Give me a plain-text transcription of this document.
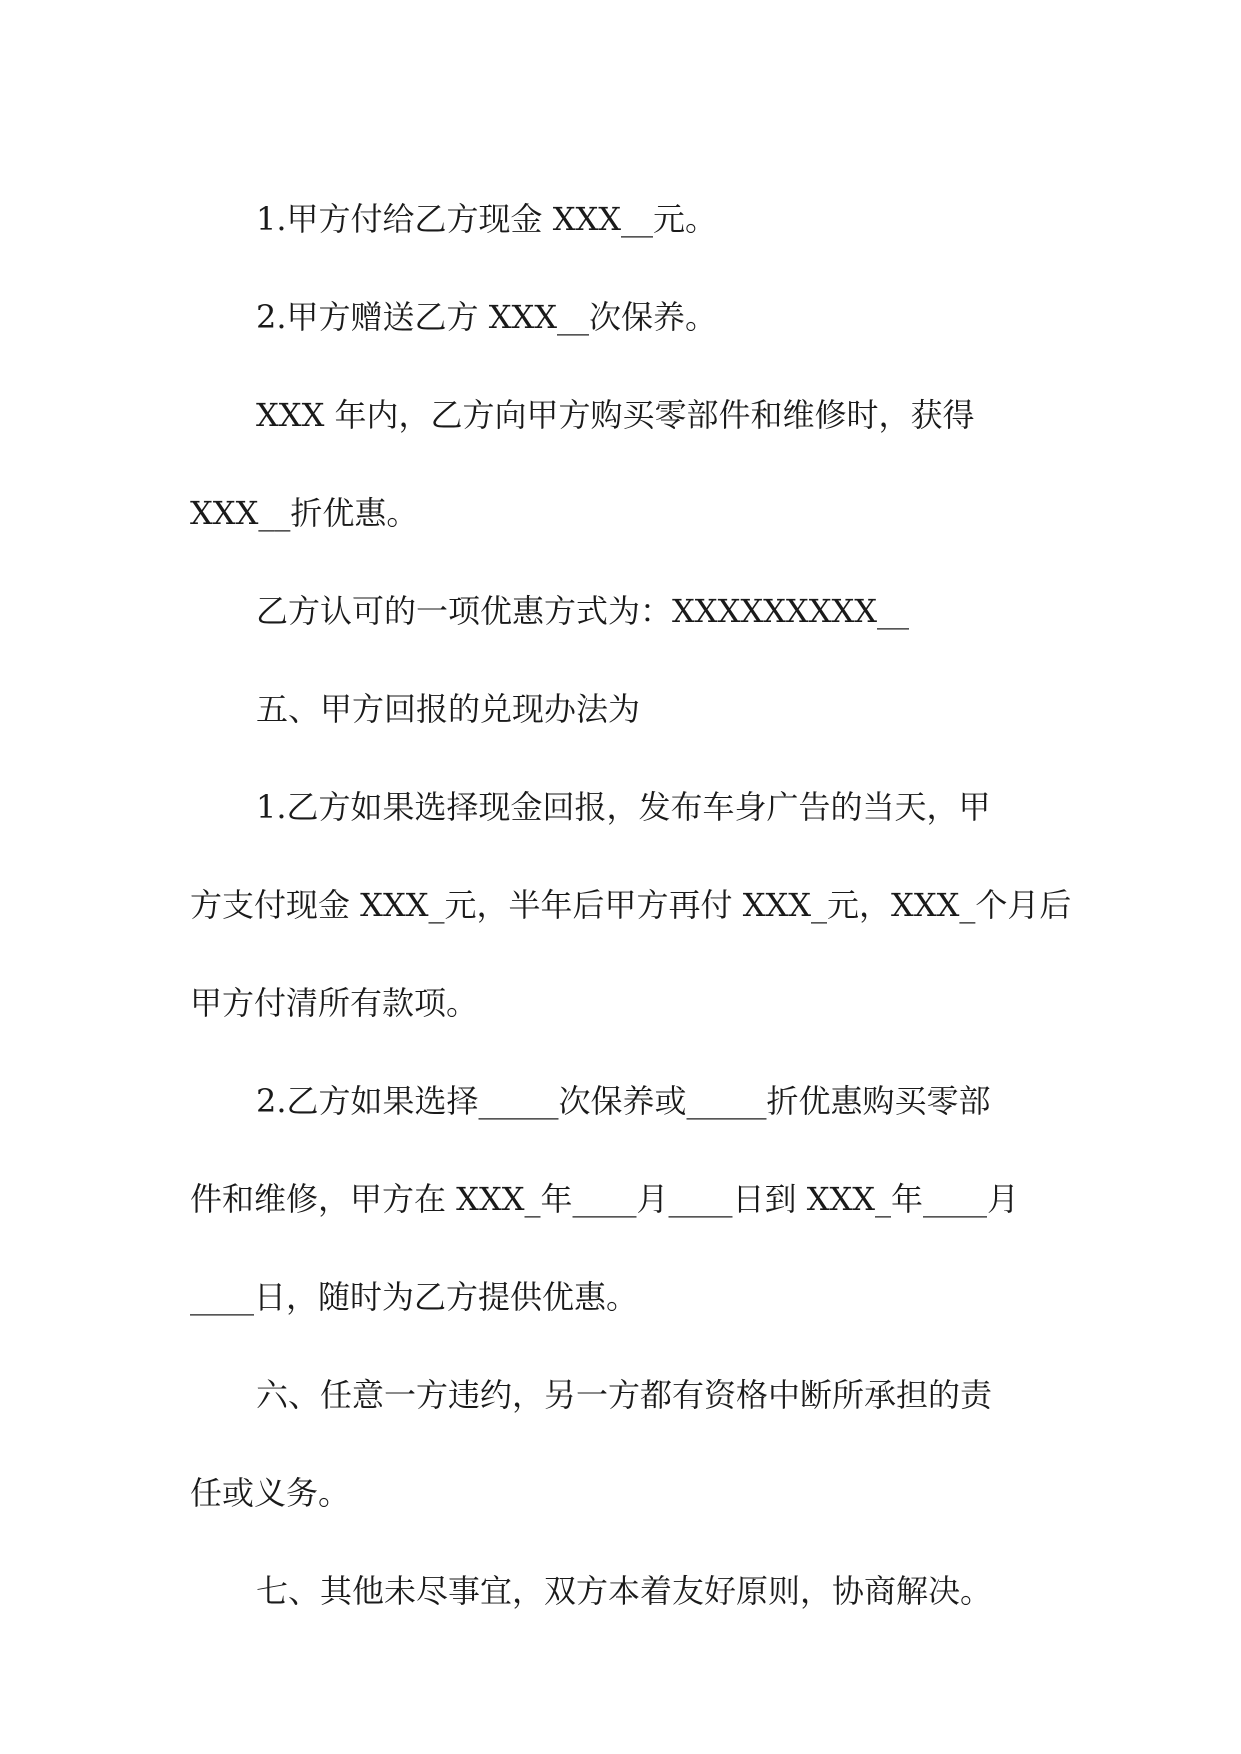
1.甲方付给乙方现金 XXX__元。
2.甲方赠送乙方 XXX__次保养。
XXX 年内，乙方向甲方购买零部件和维修时，获得
XXX__折优惠。
乙方认可的一项优惠方式为：XXXXXXXXX__
五、甲方回报的兑现办法为
1.乙方如果选择现金回报，发布车身广告的当天，甲
方支付现金 XXX_元，半年后甲方再付 XXX_元，XXX_个月后
甲方付清所有款项。
2.乙方如果选择_____次保养或_____折优惠购买零部
件和维修，甲方在 XXX_年____月____日到 XXX_年____月
____日，随时为乙方提供优惠。
六、任意一方违约，另一方都有资格中断所承担的责
任或义务。
七、其他未尽事宜，双方本着友好原则，协商解决。
